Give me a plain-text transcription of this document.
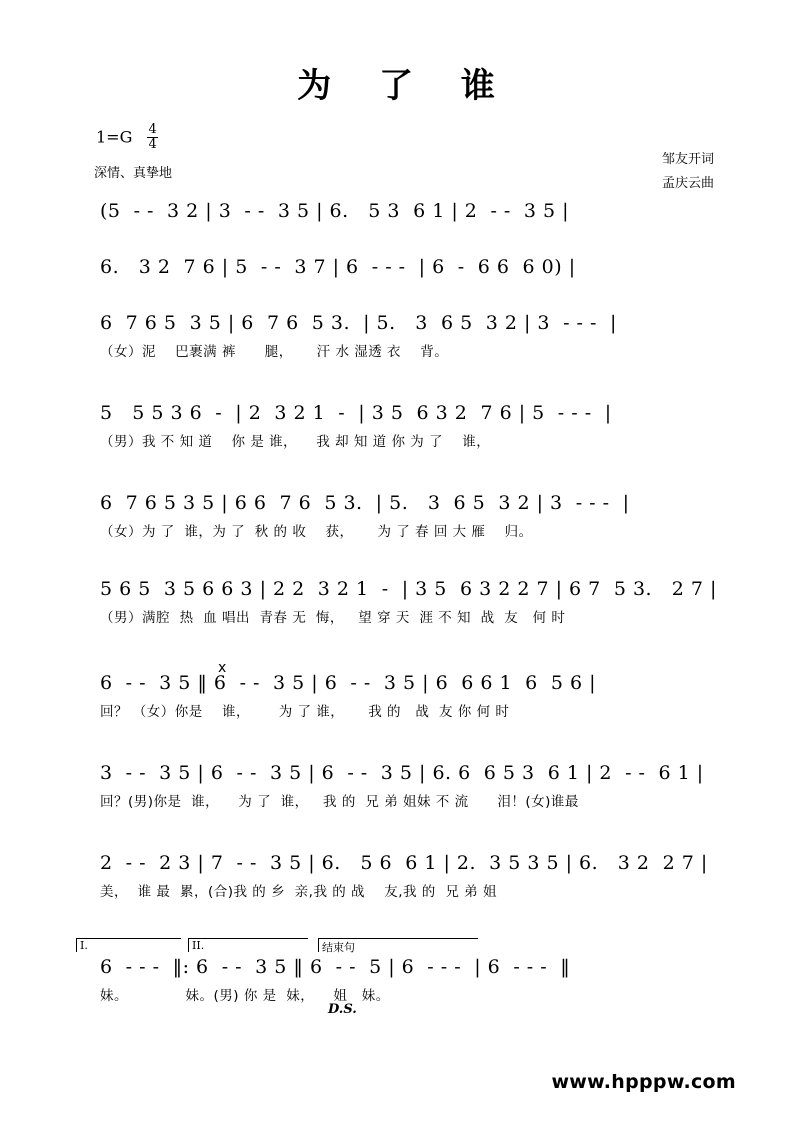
为 了 谁
$1=G \frac{4}{4}$
深情、真挚地
邹友开词
孟庆云曲
(5  - -  3 2 | 3  - -  3 5 | 6.   5 3  6 1 | 2  - -  3 5 |
6.   3 2  7 6 | 5  - -  3 7 | 6  - - -  | 6  -  6 6  6 0) |
6  7 6 5  3 5 | 6  7 6  5 3.  | 5.   3  6 5  3 2 | 3  - - -  |
（女）泥    巴裹满 裤      腿，     汗 水 湿透 衣    背。
5   5 5 3 6  -  | 2  3 2 1  -  | 3 5  6 3 2  7 6 | 5  - - -  |
（男）我 不 知 道    你 是 谁，    我 却 知 道 你 为 了    谁，
6  7 6 5 3 5 | 6 6  7 6  5 3.  | 5.   3  6 5  3 2 | 3  - - -  |
（女）为 了  谁，为 了  秋 的 收    获，     为 了 春 回 大 雁    归。
5 6 5  3 5 6 6 3 | 2 2  3 2 1  -  | 3 5  6 3 2 2 7 | 6 7  5 3.   2 7 |
（男）满腔  热  血 唱出  青春 无  悔，   望 穿 天  涯 不 知  战  友   何 时
x
6  - -  3 5 ‖ 6  - -  3 5 | 6  - -  3 5 | 6  6 6 1  6  5 6 |
回？ （女）你是    谁，      为 了 谁，     我 的   战  友 你 何 时
3  - -  3 5 | 6  - -  3 5 | 6  - -  3 5 | 6. 6  6 5 3  6 1 | 2  - -  6 1 |
回？(男)你是  谁，    为 了  谁，   我 的  兄 弟 姐妹 不 流      泪！(女)谁最
2  - -  2 3 | 7  - -  3 5 | 6.   5 6  6 1 | 2.  3 5 3 5 | 6.   3 2  2 7 |
美，  谁 最  累，(合)我 的 乡  亲,我 的 战    友,我 的  兄 弟 姐
I.	II.	结束句
6  - - -  ‖: 6  - -  3 5 ‖ 6  - -  5 | 6  - - -  | 6  - - -  ‖
妹。            妹。(男) 你 是  妹，    姐   妹。
D.S.
www.hpppw.com
